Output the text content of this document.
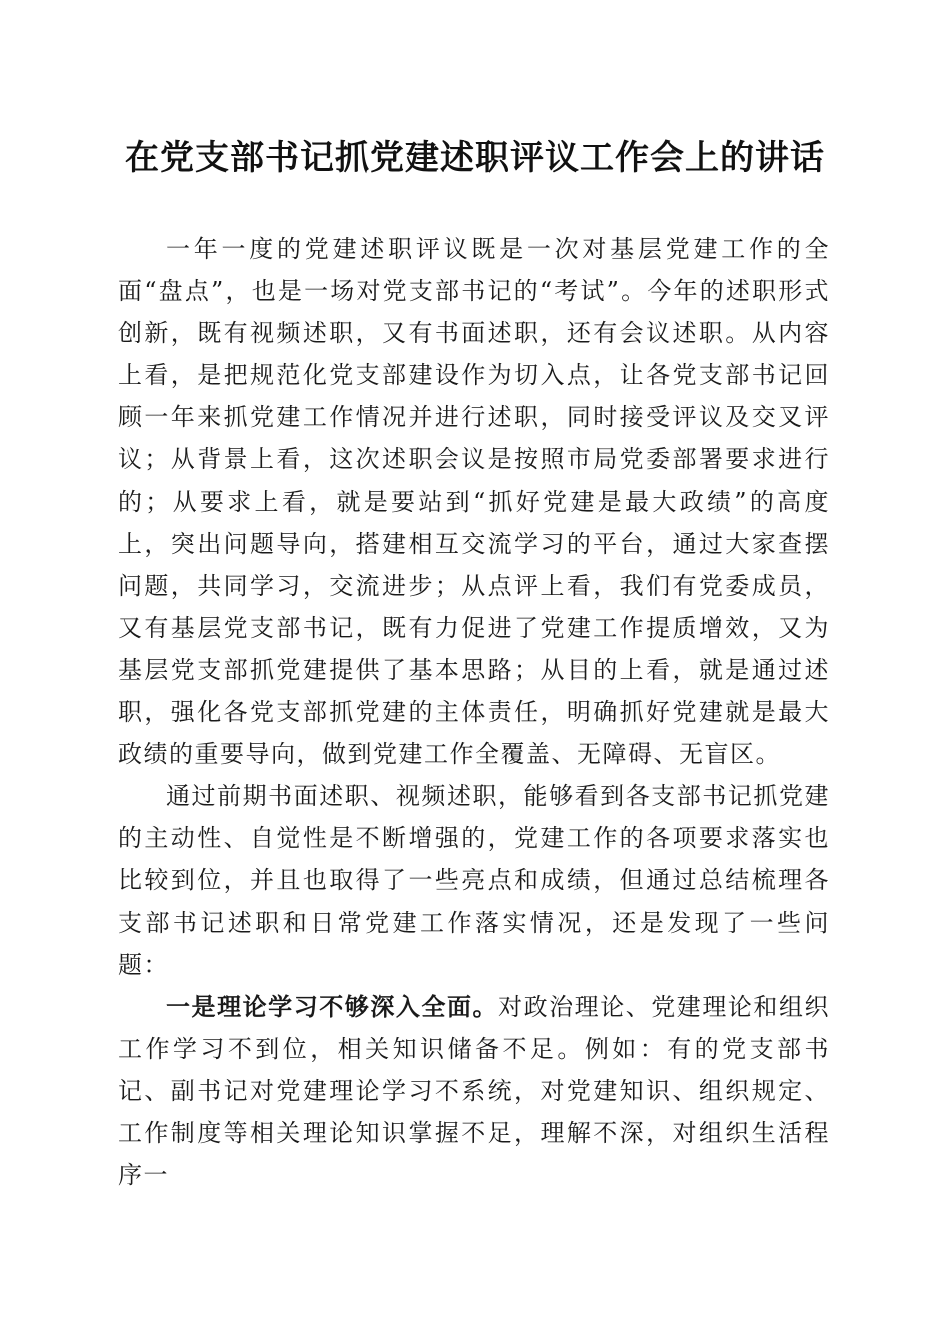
在党支部书记抓党建述职评议工作会上的讲话

一年一度的党建述职评议既是一次对基层党建工作的全面“盘点”，也是一场对党支部书记的“考试”。今年的述职形式创新，既有视频述职，又有书面述职，还有会议述职。从内容上看，是把规范化党支部建设作为切入点，让各党支部书记回顾一年来抓党建工作情况并进行述职，同时接受评议及交叉评议；从背景上看，这次述职会议是按照市局党委部署要求进行的；从要求上看，就是要站到“抓好党建是最大政绩”的高度上，突出问题导向，搭建相互交流学习的平台，通过大家查摆问题，共同学习，交流进步；从点评上看，我们有党委成员，又有基层党支部书记，既有力促进了党建工作提质增效，又为基层党支部抓党建提供了基本思路；从目的上看，就是通过述职，强化各党支部抓党建的主体责任，明确抓好党建就是最大政绩的重要导向，做到党建工作全覆盖、无障碍、无盲区。

通过前期书面述职、视频述职，能够看到各支部书记抓党建的主动性、自觉性是不断增强的，党建工作的各项要求落实也比较到位，并且也取得了一些亮点和成绩，但通过总结梳理各支部书记述职和日常党建工作落实情况，还是发现了一些问题：

一是理论学习不够深入全面。对政治理论、党建理论和组织工作学习不到位，相关知识储备不足。例如：有的党支部书记、副书记对党建理论学习不系统，对党建知识、组织规定、工作制度等相关理论知识掌握不足，理解不深，对组织生活程序一
